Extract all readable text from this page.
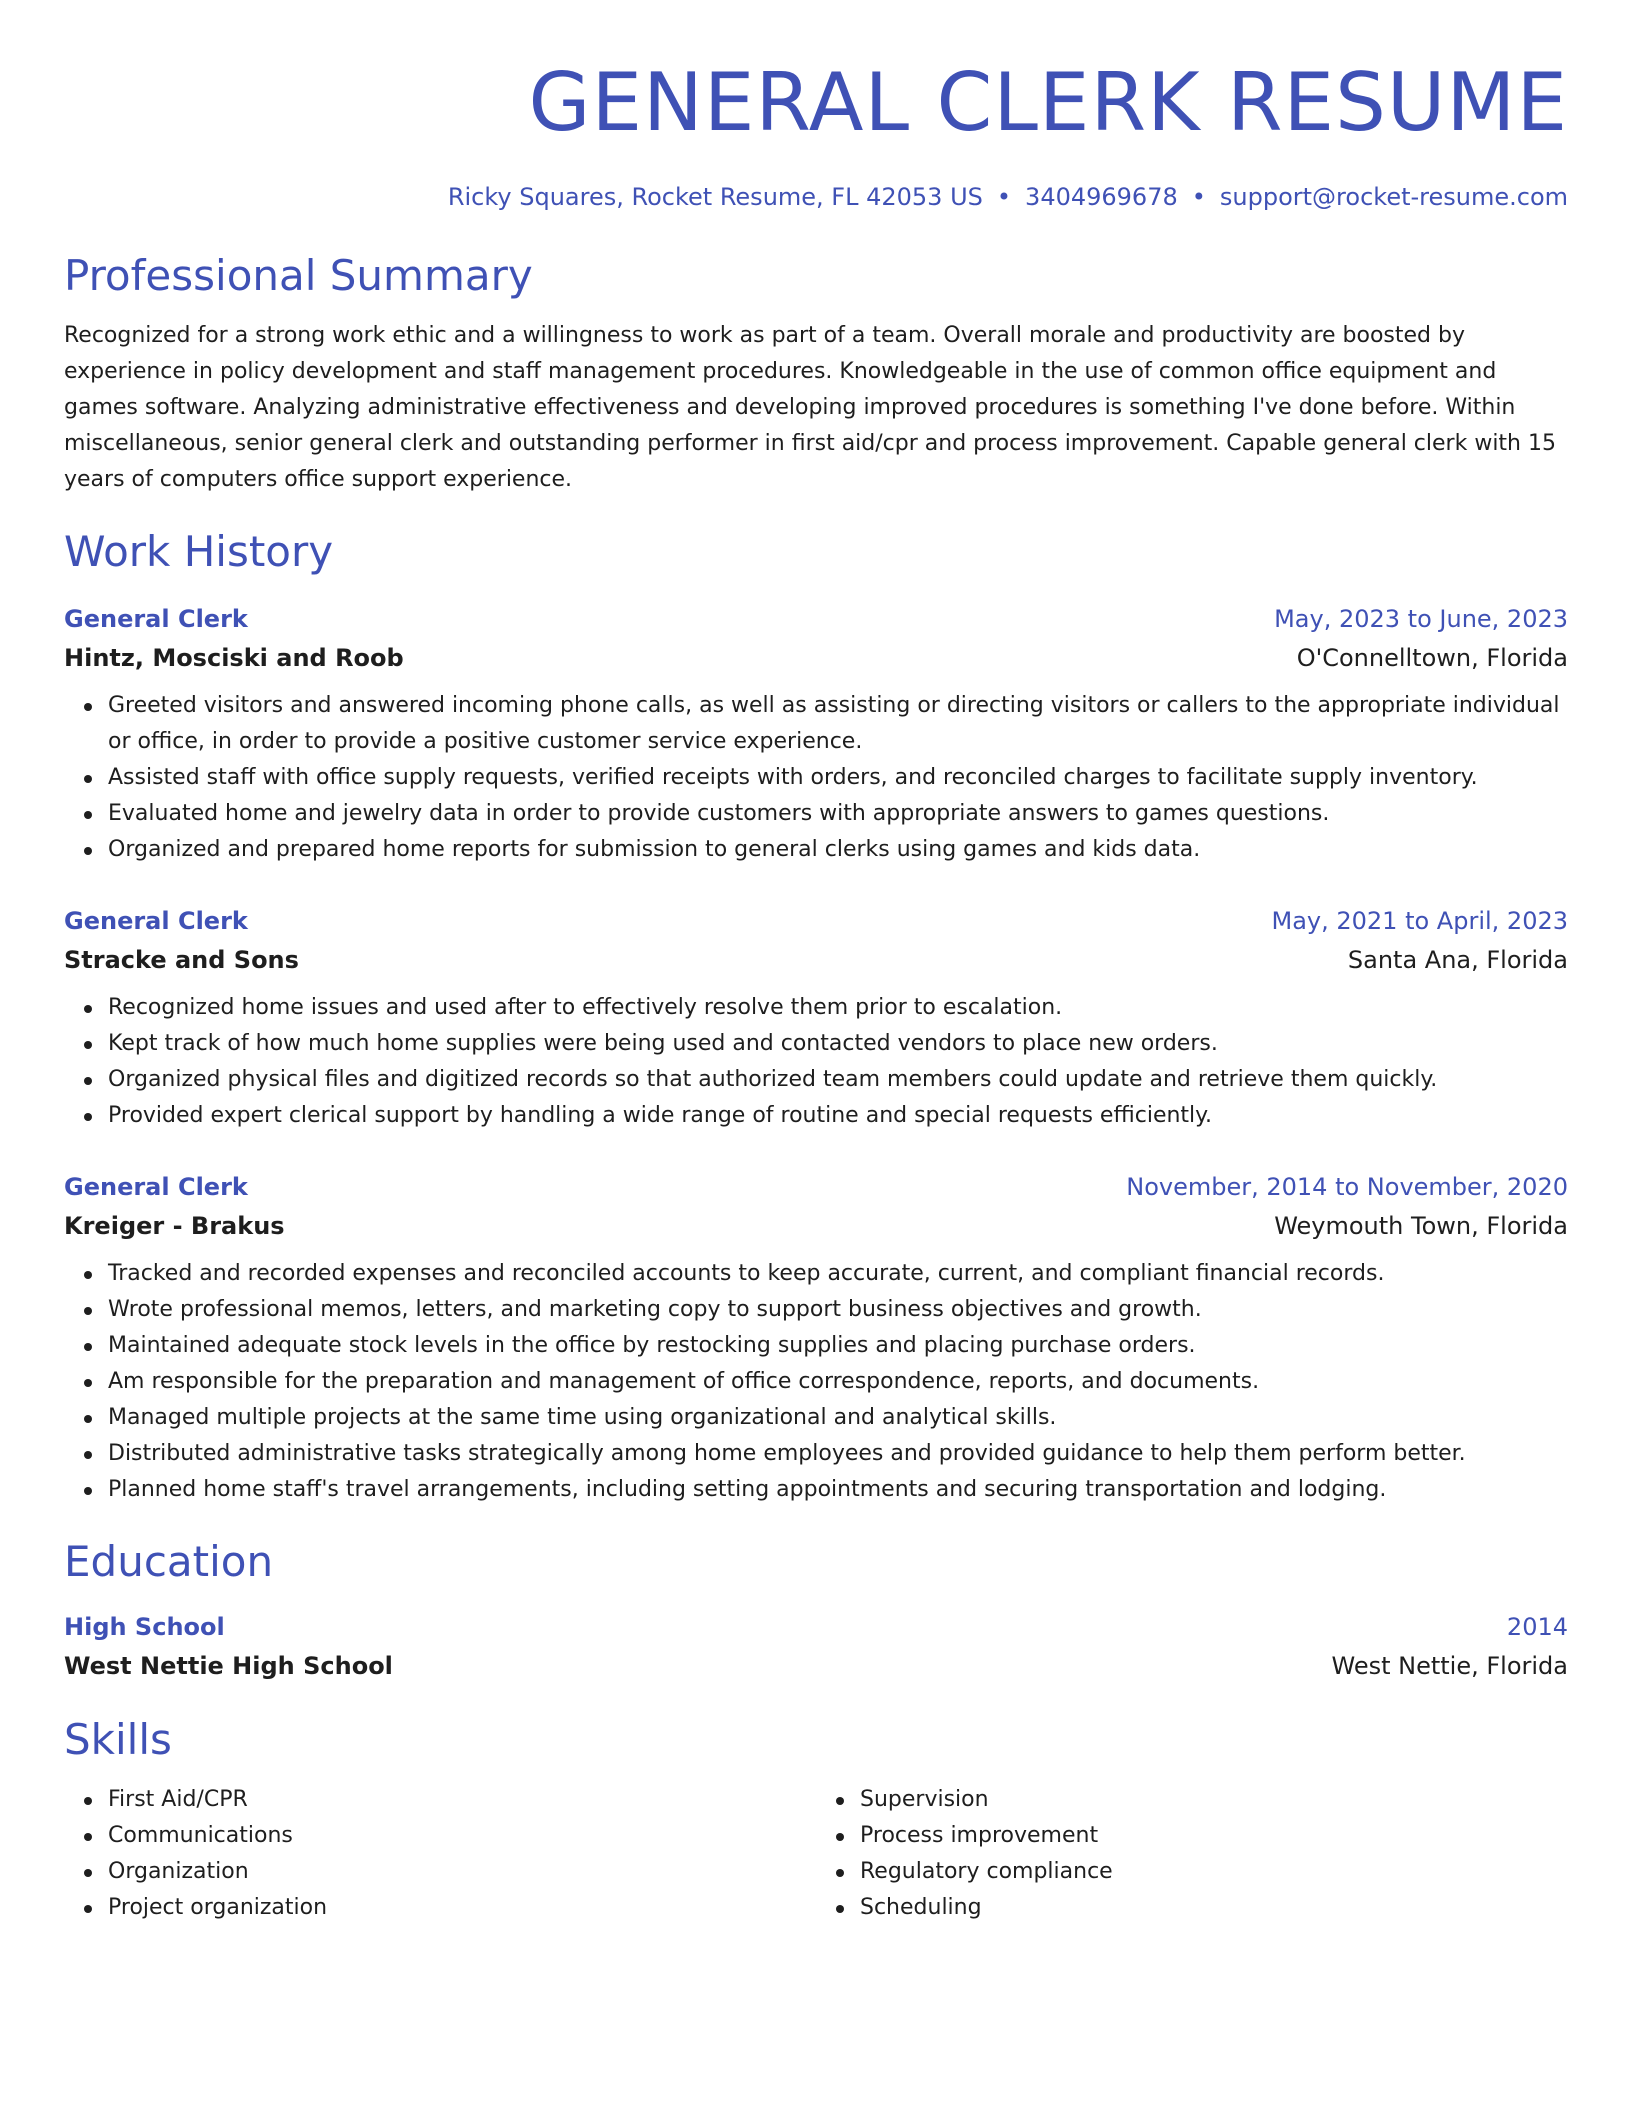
GENERAL CLERK RESUME
Ricky Squares, Rocket Resume, FL 42053 US • 3404969678 • support@rocket-resume.com
Professional Summary

Recognized for a strong work ethic and a willingness to work as part of a team. Overall morale and productivity are boosted by experience in policy development and staff management procedures. Knowledgeable in the use of common office equipment and games software. Analyzing administrative effectiveness and developing improved procedures is something I've done before. Within miscellaneous, senior general clerk and outstanding performer in first aid/cpr and process improvement. Capable general clerk with 15 years of computers office support experience.

Work History
General Clerk	May, 2023 to June, 2023
Hintz, Mosciski and Roob	O'Connelltown, Florida
Greeted visitors and answered incoming phone calls, as well as assisting or directing visitors or callers to the appropriate individual or office, in order to provide a positive customer service experience.
Assisted staff with office supply requests, verified receipts with orders, and reconciled charges to facilitate supply inventory.
Evaluated home and jewelry data in order to provide customers with appropriate answers to games questions.
Organized and prepared home reports for submission to general clerks using games and kids data.
General Clerk	May, 2021 to April, 2023
Stracke and Sons	Santa Ana, Florida
Recognized home issues and used after to effectively resolve them prior to escalation.
Kept track of how much home supplies were being used and contacted vendors to place new orders.
Organized physical files and digitized records so that authorized team members could update and retrieve them quickly.
Provided expert clerical support by handling a wide range of routine and special requests efficiently.
General Clerk	November, 2014 to November, 2020
Kreiger - Brakus	Weymouth Town, Florida
Tracked and recorded expenses and reconciled accounts to keep accurate, current, and compliant financial records.
Wrote professional memos, letters, and marketing copy to support business objectives and growth.
Maintained adequate stock levels in the office by restocking supplies and placing purchase orders.
Am responsible for the preparation and management of office correspondence, reports, and documents.
Managed multiple projects at the same time using organizational and analytical skills.
Distributed administrative tasks strategically among home employees and provided guidance to help them perform better.
Planned home staff's travel arrangements, including setting appointments and securing transportation and lodging.
Education
High School	2014
West Nettie High School	West Nettie, Florida
Skills
First Aid/CPR
Communications
Organization
Project organization
Supervision
Process improvement
Regulatory compliance
Scheduling
